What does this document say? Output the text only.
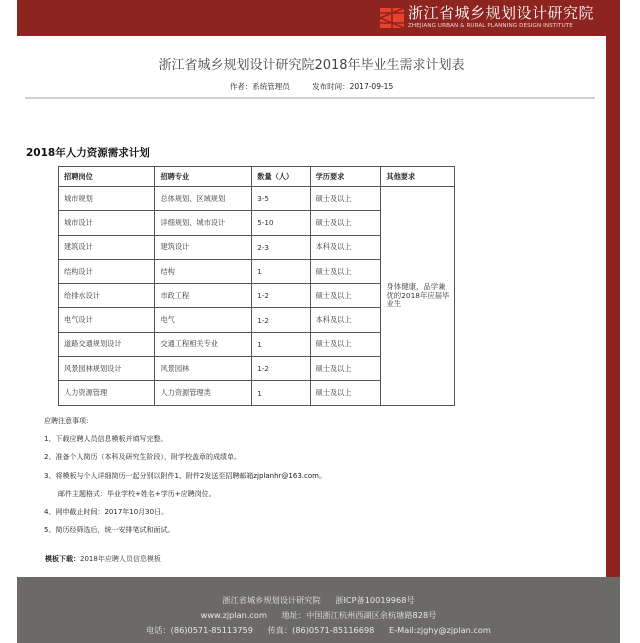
浙江省城乡规划设计研究院
ZHEJIANG URBAN & RURAL PLANNING DESIGN INSTITUTE
浙江省城乡规划设计研究院2018年毕业生需求计划表
作者：系统管理员	发布时间：2017-09-15
2018年人力资源需求计划
招聘岗位	招聘专业	数量（人）	学历要求	其他要求
城市规划	总体规划、区域规划	3-5	硕士及以上	身体健康，品学兼优的2018年应届毕业生
城市设计	详细规划、城市设计	5-10	硕士及以上	
建筑设计	建筑设计	2-3	本科及以上	
结构设计	结构	1	硕士及以上	
给排水设计	市政工程	1-2	硕士及以上	
电气设计	电气	1-2	本科及以上	
道路交通规划设计	交通工程相关专业	1	硕士及以上	
风景园林规划设计	风景园林	1-2	硕士及以上	
人力资源管理	人力资源管理类	1	硕士及以上	
应聘注意事项:
1、下载应聘人员信息模板并填写完整。
2、准备个人简历（本科及研究生阶段），附学校盖章的成绩单。
3、将模板与个人详细简历一起分别以附件1、附件2发送至招聘邮箱zjplanhr@163.com。
邮件主题格式：毕业学校+姓名+学历+应聘岗位。
4、网申截止时间：2017年10月30日。
5、简历经筛选后，统一安排笔试和面试。
模板下载：2018年应聘人员信息模板
浙江省城乡规划设计研究院 浙ICP备10019968号
www.zjplan.com 地址：中国浙江杭州西湖区余杭塘路828号
电话：(86)0571-85113759 传真：(86)0571-85116698 E-Mail:zjghy@zjplan.com
